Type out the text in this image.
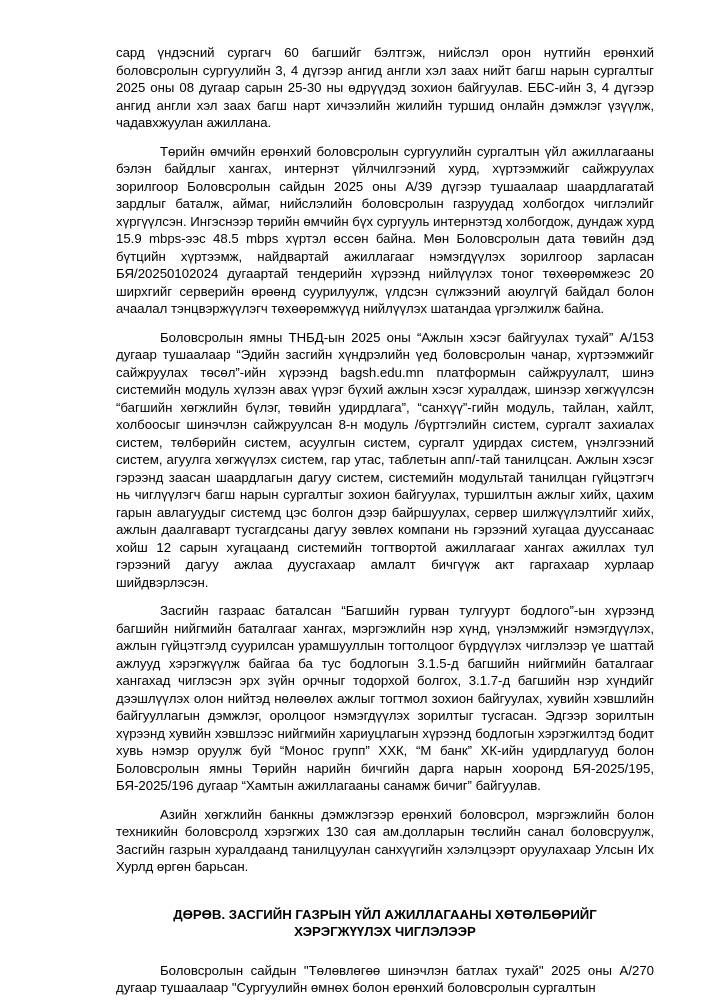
сард үндэсний сургагч 60 багшийг бэлтгэж, нийслэл орон нутгийн ерөнхий боловсролын сургуулийн 3, 4 дүгээр ангид англи хэл заах нийт багш нарын сургалтыг 2025 оны 08 дугаар сарын 25-30 ны өдрүүдэд зохион байгуулав. ЕБС-ийн 3, 4 дүгээр ангид англи хэл заах багш нарт хичээлийн жилийн туршид онлайн дэмжлэг үзүүлж, чадавхжуулан ажиллана.

Төрийн өмчийн ерөнхий боловсролын сургуулийн сургалтын үйл ажиллагааны бэлэн байдлыг хангах, интернэт үйлчилгээний хурд, хүртээмжийг сайжруулах зорилгоор Боловсролын сайдын 2025 оны А/39 дүгээр тушаалаар шаардлагатай зардлыг баталж, аймаг, нийслэлийн боловсролын газруудад холбогдох чиглэлийг хүргүүлсэн. Ингэснээр төрийн өмчийн бүх сургууль интернэтэд холбогдож, дундаж хурд 15.9 mbps-ээс 48.5 mbps хүртэл өссөн байна. Мөн Боловсролын дата төвийн дэд бүтцийн хүртээмж, найдвартай ажиллагааг нэмэгдүүлэх зорилгоор зарласан БЯ/20250102024 дугаартай тендерийн хүрээнд нийлүүлэх тоног төхөөрөмжеэс 20 ширхгийг серверийн өрөөнд суурилуулж, үлдсэн сүлжээний аюулгүй байдал болон ачаалал тэнцвэржүүлэгч төхөөрөмжүүд нийлүүлэх шатандаа үргэлжилж байна.

Боловсролын ямны ТНБД-ын 2025 оны “Ажлын хэсэг байгуулах тухай” А/153 дугаар тушаалаар “Эдийн засгийн хүндрэлийн үед боловсролын чанар, хүртээмжийг сайжруулах төсөл”-ийн хүрээнд bagsh.edu.mn платформын сайжруулалт, шинэ системийн модуль хүлээн авах үүрэг бүхий ажлын хэсэг хуралдаж, шинээр хөгжүүлсэн “багшийн хөгжлийн бүлэг, төвийн удирдлага”, “санхүү”-гийн модуль, тайлан, хайлт, холбоосыг шинэчлэн сайжруулсан 8-н модуль /бүртгэлийн систем, сургалт захиалах систем, төлбөрийн систем, асуулгын систем, сургалт удирдах систем, үнэлгээний систем, агуулга хөгжүүлэх систем, гар утас, таблетын апп/-тай танилцсан. Ажлын хэсэг гэрээнд заасан шаардлагын дагуу систем, системийн модультай танилцан гүйцэтгэгч нь чиглүүлэгч багш нарын сургалтыг зохион байгуулах, туршилтын ажлыг хийх, цахим гарын авлагуудыг системд цэс болгон дээр байршуулах, сервер шилжүүлэлтийг хийх, ажлын даалгаварт тусгагдсаны дагуу зөвлөх компани нь гэрээний хугацаа дууссанаас хойш 12 сарын хугацаанд системийн тогтвортой ажиллагааг хангах ажиллах тул гэрээний дагуу ажлаа дуусгахаар амлалт бичгүүж акт гаргахаар хурлаар шийдвэрлэсэн.

Засгийн газраас баталсан “Багшийн гурван тулгуурт бодлого”-ын хүрээнд багшийн нийгмийн баталгааг хангах, мэргэжлийн нэр хүнд, үнэлэмжийг нэмэгдүүлэх, ажлын гүйцэтгэлд суурилсан урамшууллын тогтолцоог бүрдүүлэх чиглэлээр үе шаттай ажлууд хэрэгжүүлж байгаа ба тус бодлогын 3.1.5-д багшийн нийгмийн баталгааг хангахад чиглэсэн эрх зүйн орчныг тодорхой болгох, 3.1.7-д багшийн нэр хүндийг дээшлүүлэх олон нийтэд нөлөөлөх ажлыг тогтмол зохион байгуулах, хувийн хэвшлийн байгууллагын дэмжлэг, оролцоог нэмэгдүүлэх зорилтыг тусгасан. Эдгээр зорилтын хүрээнд хувийн хэвшлээс нийгмийн хариуцлагын хүрээнд бодлогын хэрэгжилтэд бодит хувь нэмэр оруулж буй “Монос групп” ХХК, “М банк” ХК-ийн удирдлагууд болон Боловсролын ямны Төрийн нарийн бичгийн дарга нарын хооронд БЯ-2025/195, БЯ-2025/196 дугаар “Хамтын ажиллагааны санамж бичиг” байгуулав.

Азийн хөгжлийн банкны дэмжлэгээр ерөнхий боловсрол, мэргэжлийн болон техникийн боловсролд хэрэгжих 130 сая ам.долларын төслийн санал боловсруулж, Засгийн газрын хуралдаанд танилцуулан санхүүгийн хэлэлцээрт оруулахаар Улсын Их Хурлд өргөн барьсан.

ДӨРӨВ. ЗАСГИЙН ГАЗРЫН ҮЙЛ АЖИЛЛАГААНЫ ХӨТӨЛБӨРИЙГ
ХЭРЭГЖҮҮЛЭХ ЧИГЛЭЛЭЭР

Боловсролын сайдын "Төлөвлөгөө шинэчлэн батлах тухай" 2025 оны А/270 дугаар тушаалаар "Сургуулийн өмнөх болон ерөнхий боловсролын сургалтын
